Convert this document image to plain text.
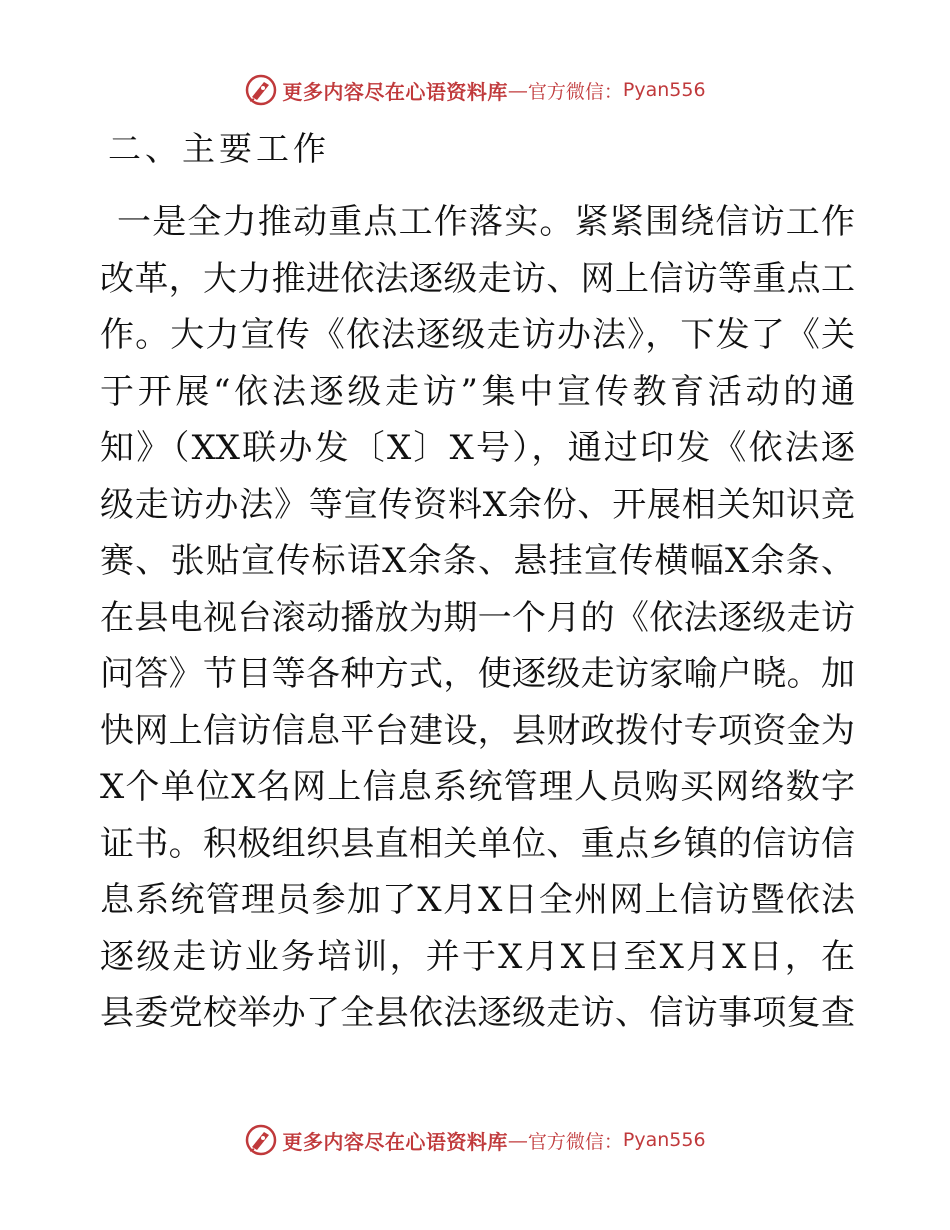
更多内容尽在心语资料库 — 官方微信： Pyan556
二、主要工作
一是全力推动重点工作落实。紧紧围绕信访工作
改革，大力推进依法逐级走访、网上信访等重点工
作。大力宣传《依法逐级走访办法》，下发了《关
于开展“依法逐级走访”集中宣传教育活动的通
知》（XX联办发〔X〕X号），通过印发《依法逐
级走访办法》等宣传资料X余份、开展相关知识竞
赛、张贴宣传标语X余条、悬挂宣传横幅X余条、
在县电视台滚动播放为期一个月的《依法逐级走访
问答》节目等各种方式，使逐级走访家喻户晓。加
快网上信访信息平台建设，县财政拨付专项资金为
X个单位X名网上信息系统管理人员购买网络数字
证书。积极组织县直相关单位、重点乡镇的信访信
息系统管理员参加了X月X日全州网上信访暨依法
逐级走访业务培训，并于X月X日至X月X日，在
县委党校举办了全县依法逐级走访、信访事项复查
更多内容尽在心语资料库 — 官方微信： Pyan556
